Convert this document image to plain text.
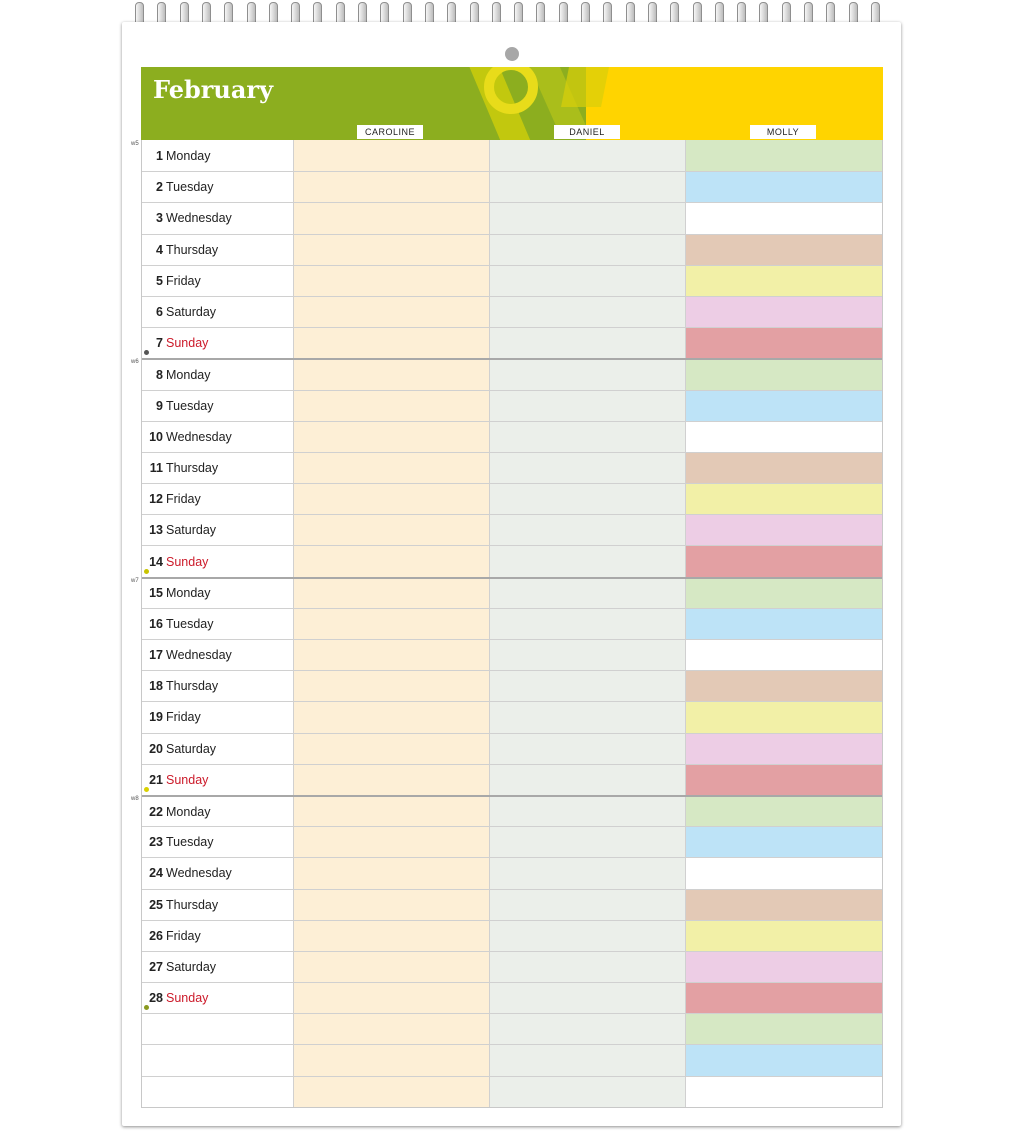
February
CAROLINE	DANIEL	MOLLY
1 Monday
2 Tuesday
3 Wednesday
4 Thursday
5 Friday
6 Saturday
7 Sunday
8 Monday
9 Tuesday
10 Wednesday
11 Thursday
12 Friday
13 Saturday
14 Sunday
15 Monday
16 Tuesday
17 Wednesday
18 Thursday
19 Friday
20 Saturday
21 Sunday
22 Monday
23 Tuesday
24 Wednesday
25 Thursday
26 Friday
27 Saturday
28 Sunday
w5
w6
w7
w8
